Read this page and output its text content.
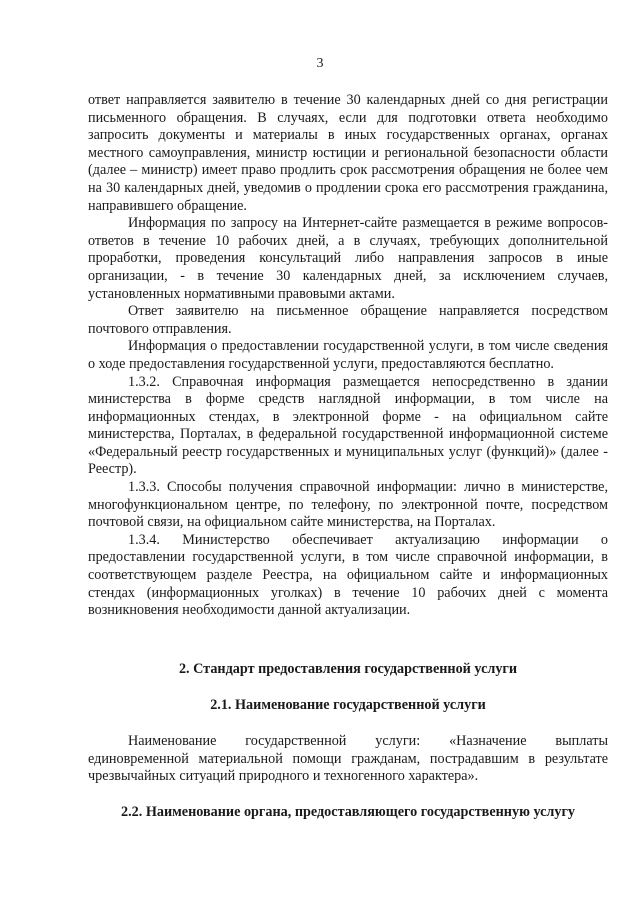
3

ответ направляется заявителю в течение 30 календарных дней со дня регистрации письменного обращения. В случаях, если для подготовки ответа необходимо запросить документы и материалы в иных государственных органах, органах местного самоуправления, министр юстиции и региональной безопасности области (далее – министр) имеет право продлить срок рассмотрения обращения не более чем на 30 календарных дней, уведомив о продлении срока его рассмотрения гражданина, направившего обращение.

Информация по запросу на Интернет-сайте размещается в режиме вопросов-ответов в течение 10 рабочих дней, а в случаях, требующих дополнительной проработки, проведения консультаций либо направления запросов в иные организации, - в течение 30 календарных дней, за исключением случаев, установленных нормативными правовыми актами.

Ответ заявителю на письменное обращение направляется посредством почтового отправления.

Информация о предоставлении государственной услуги, в том числе сведения о ходе предоставления государственной услуги, предоставляются бесплатно.

1.3.2. Справочная информация размещается непосредственно в здании министерства в форме средств наглядной информации, в том числе на информационных стендах, в электронной форме - на официальном сайте министерства, Порталах, в федеральной государственной информационной системе «Федеральный реестр государственных и муниципальных услуг (функций)» (далее - Реестр).

1.3.3. Способы получения справочной информации: лично в министерстве, многофункциональном центре, по телефону, по электронной почте, посредством почтовой связи, на официальном сайте министерства, на Порталах.

1.3.4. Министерство обеспечивает актуализацию информации о предоставлении государственной услуги, в том числе справочной информации, в соответствующем разделе Реестра, на официальном сайте и информационных стендах (информационных уголках) в течение 10 рабочих дней с момента возникновения необходимости данной актуализации.

2. Стандарт предоставления государственной услуги
2.1. Наименование государственной услуги

Наименование государственной услуги: «Назначение выплаты единовременной материальной помощи гражданам, пострадавшим в результате чрезвычайных ситуаций природного и техногенного характера».

2.2. Наименование органа, предоставляющего государственную услугу
